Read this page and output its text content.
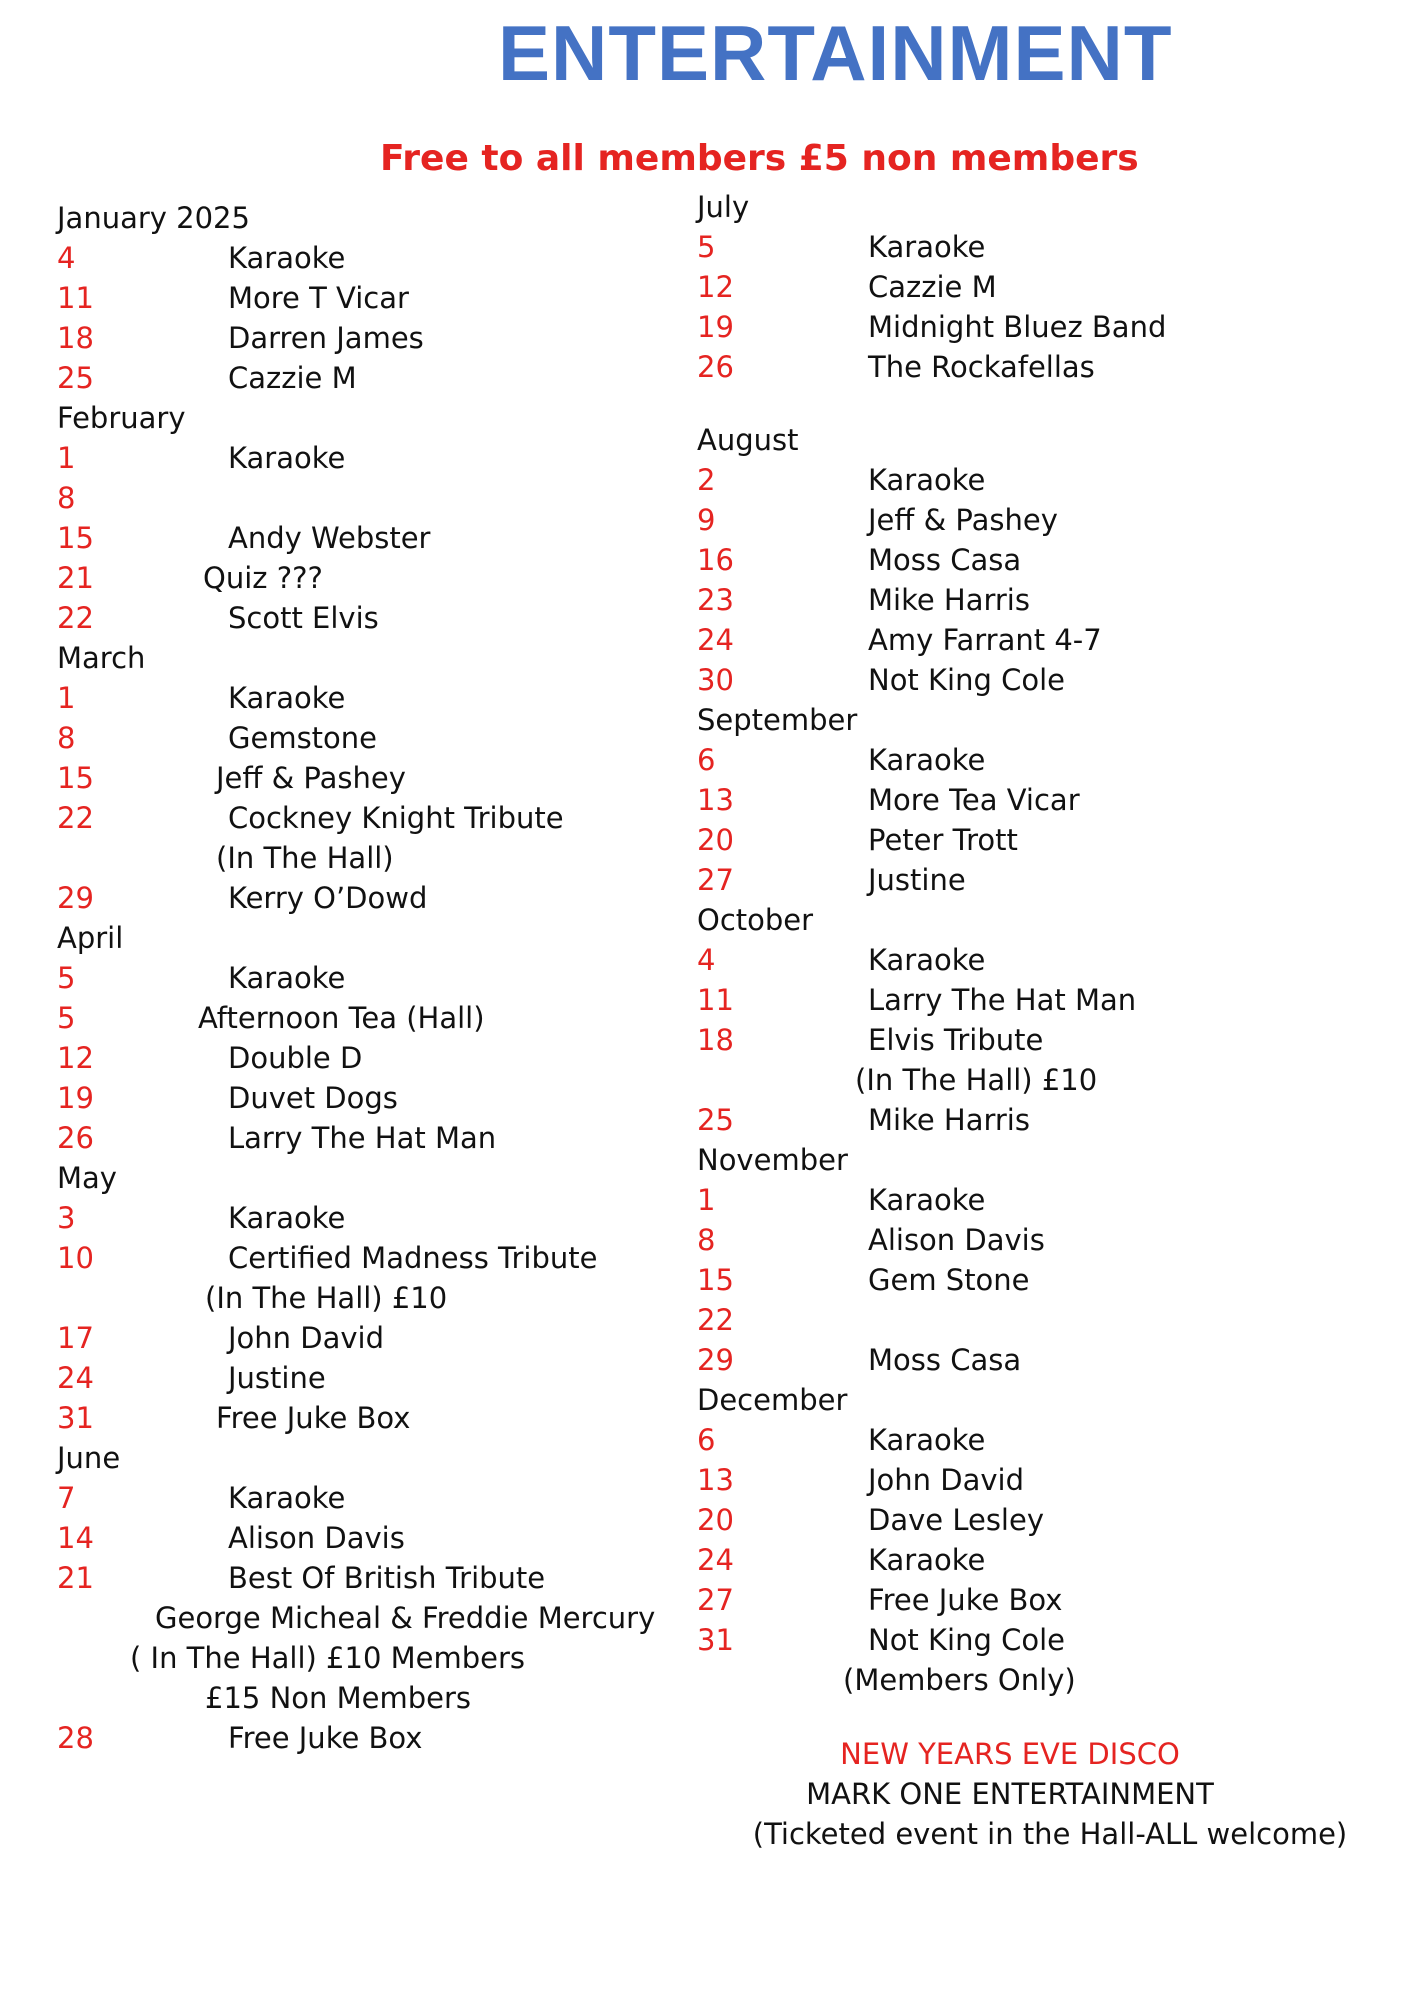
ENTERTAINMENT
Free to all members £5 non members
January 2025
4	Karaoke
11	More T Vicar
18	Darren James
25	Cazzie M
February
1	Karaoke
8
15	Andy Webster
21	Quiz ???
22	Scott Elvis
March
1	Karaoke
8	Gemstone
15	Jeff & Pashey
22	Cockney Knight Tribute
(In The Hall)
29	Kerry O’Dowd
April
5	Karaoke
5	Afternoon Tea (Hall)
12	Double D
19	Duvet Dogs
26	Larry The Hat Man
May
3	Karaoke
10	Certified Madness Tribute
(In The Hall) £10
17	John David
24	Justine
31	Free Juke Box
June
7	Karaoke
14	Alison Davis
21	Best Of British Tribute
George Micheal & Freddie Mercury
( In The Hall) £10 Members
£15 Non Members
28	Free Juke Box
July
5	Karaoke
12	Cazzie M
19	Midnight Bluez Band
26	The Rockafellas
August
2	Karaoke
9	Jeff & Pashey
16	Moss Casa
23	Mike Harris
24	Amy Farrant 4-7
30	Not King Cole
September
6	Karaoke
13	More Tea Vicar
20	Peter Trott
27	Justine
October
4	Karaoke
11	Larry The Hat Man
18	Elvis Tribute
(In The Hall) £10
25	Mike Harris
November
1	Karaoke
8	Alison Davis
15	Gem Stone
22
29	Moss Casa
December
6	Karaoke
13	John David
20	Dave Lesley
24	Karaoke
27	Free Juke Box
31	Not King Cole
(Members Only)
NEW YEARS EVE DISCO
MARK ONE ENTERTAINMENT
(Ticketed event in the Hall-ALL welcome)
